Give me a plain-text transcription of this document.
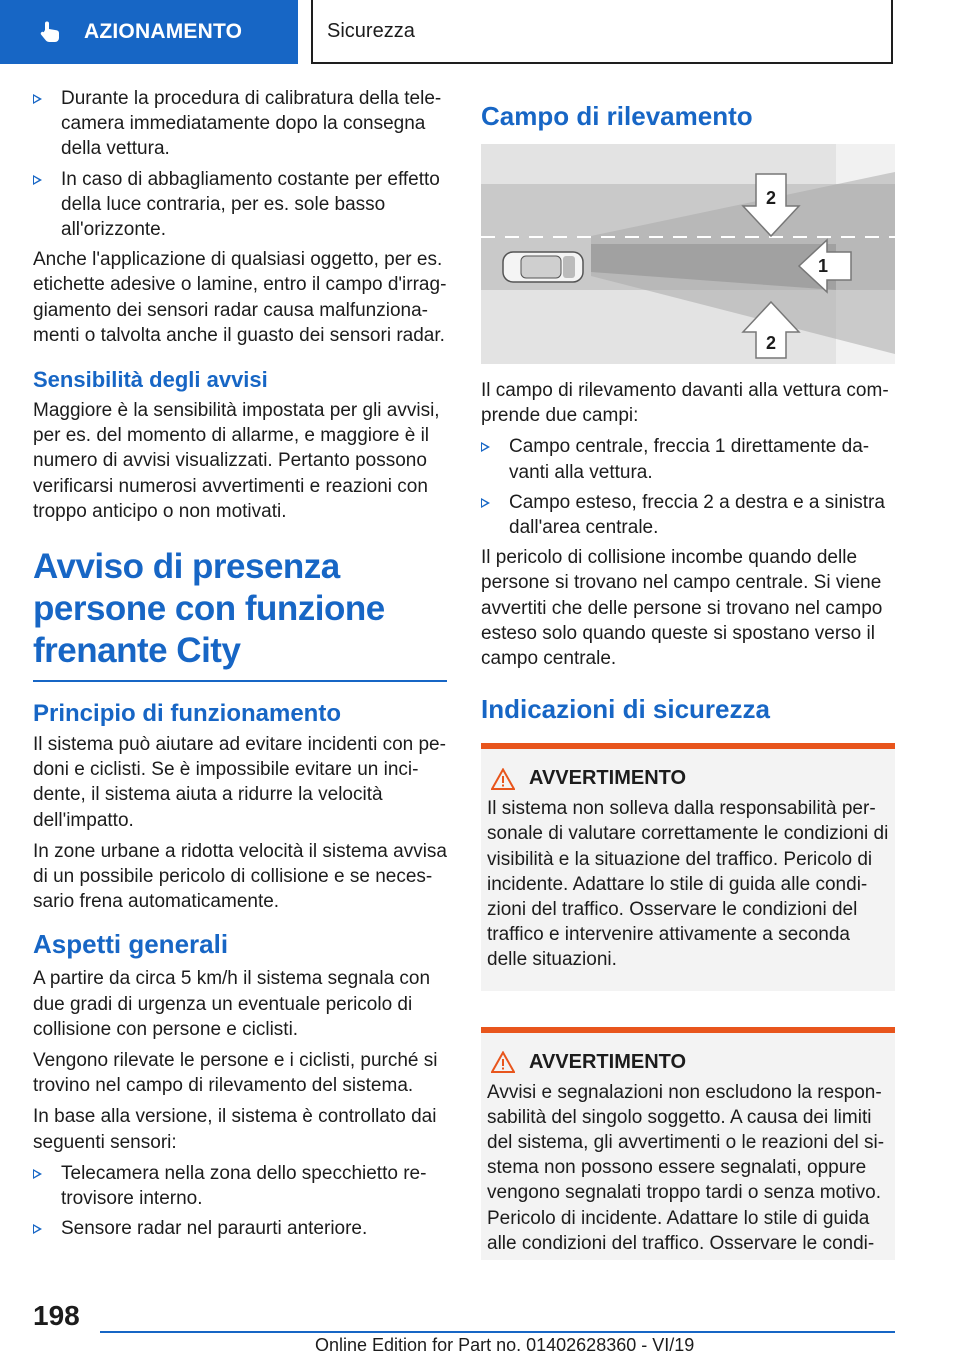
AZIONAMENTO	Sicurezza
Durante la procedura di calibratura della telecamera immediatamente dopo la consegna della vettura.
In caso di abbagliamento costante per effetto della luce contraria, per es. sole basso all'orizzonte.

Anche l'applicazione di qualsiasi oggetto, per es. etichette adesive o lamine, entro il campo d'irraggiamento dei sensori radar causa malfunzionamenti o talvolta anche il guasto dei sensori radar.

Sensibilità degli avvisi

Maggiore è la sensibilità impostata per gli avvisi, per es. del momento di allarme, e maggiore è il numero di avvisi visualizzati. Pertanto possono verificarsi numerosi avvertimenti e reazioni con troppo anticipo o non motivati.

Avviso di presenza persone con funzione frenante City
Principio di funzionamento

Il sistema può aiutare ad evitare incidenti con pedoni e ciclisti. Se è impossibile evitare un incidente, il sistema aiuta a ridurre la velocità dell'impatto.

In zone urbane a ridotta velocità il sistema avvisa di un possibile pericolo di collisione e se necessario frena automaticamente.

Aspetti generali

A partire da circa 5 km/h il sistema segnala con due gradi di urgenza un eventuale pericolo di collisione con persone e ciclisti.

Vengono rilevate le persone e i ciclisti, purché si trovino nel campo di rilevamento del sistema.

In base alla versione, il sistema è controllato dai seguenti sensori:

Telecamera nella zona dello specchietto retrovisore interno.
Sensore radar nel paraurti anteriore.
Campo di rilevamento
2
1
2

Il campo di rilevamento davanti alla vettura comprende due campi:

Campo centrale, freccia 1 direttamente davanti alla vettura.
Campo esteso, freccia 2 a destra e a sinistra dall'area centrale.

Il pericolo di collisione incombe quando delle persone si trovano nel campo centrale. Si viene avvertiti che delle persone si trovano nel campo esteso solo quando queste si spostano verso il campo centrale.

Indicazioni di sicurezza
AVVERTIMENTO

Il sistema non solleva dalla responsabilità personale di valutare correttamente le condizioni di visibilità e la situazione del traffico. Pericolo di incidente. Adattare lo stile di guida alle condizioni del traffico. Osservare le condizioni del traffico e intervenire attivamente a seconda delle situazioni.

AVVERTIMENTO

Avvisi e segnalazioni non escludono la responsabilità del singolo soggetto. A causa dei limiti del sistema, gli avvertimenti o le reazioni del sistema non possono essere segnalati, oppure vengono segnalati troppo tardi o senza motivo. Pericolo di incidente. Adattare lo stile di guida alle condizioni del traffico. Osservare le condi-

198
Online Edition for Part no. 01402628360 - VI/19
